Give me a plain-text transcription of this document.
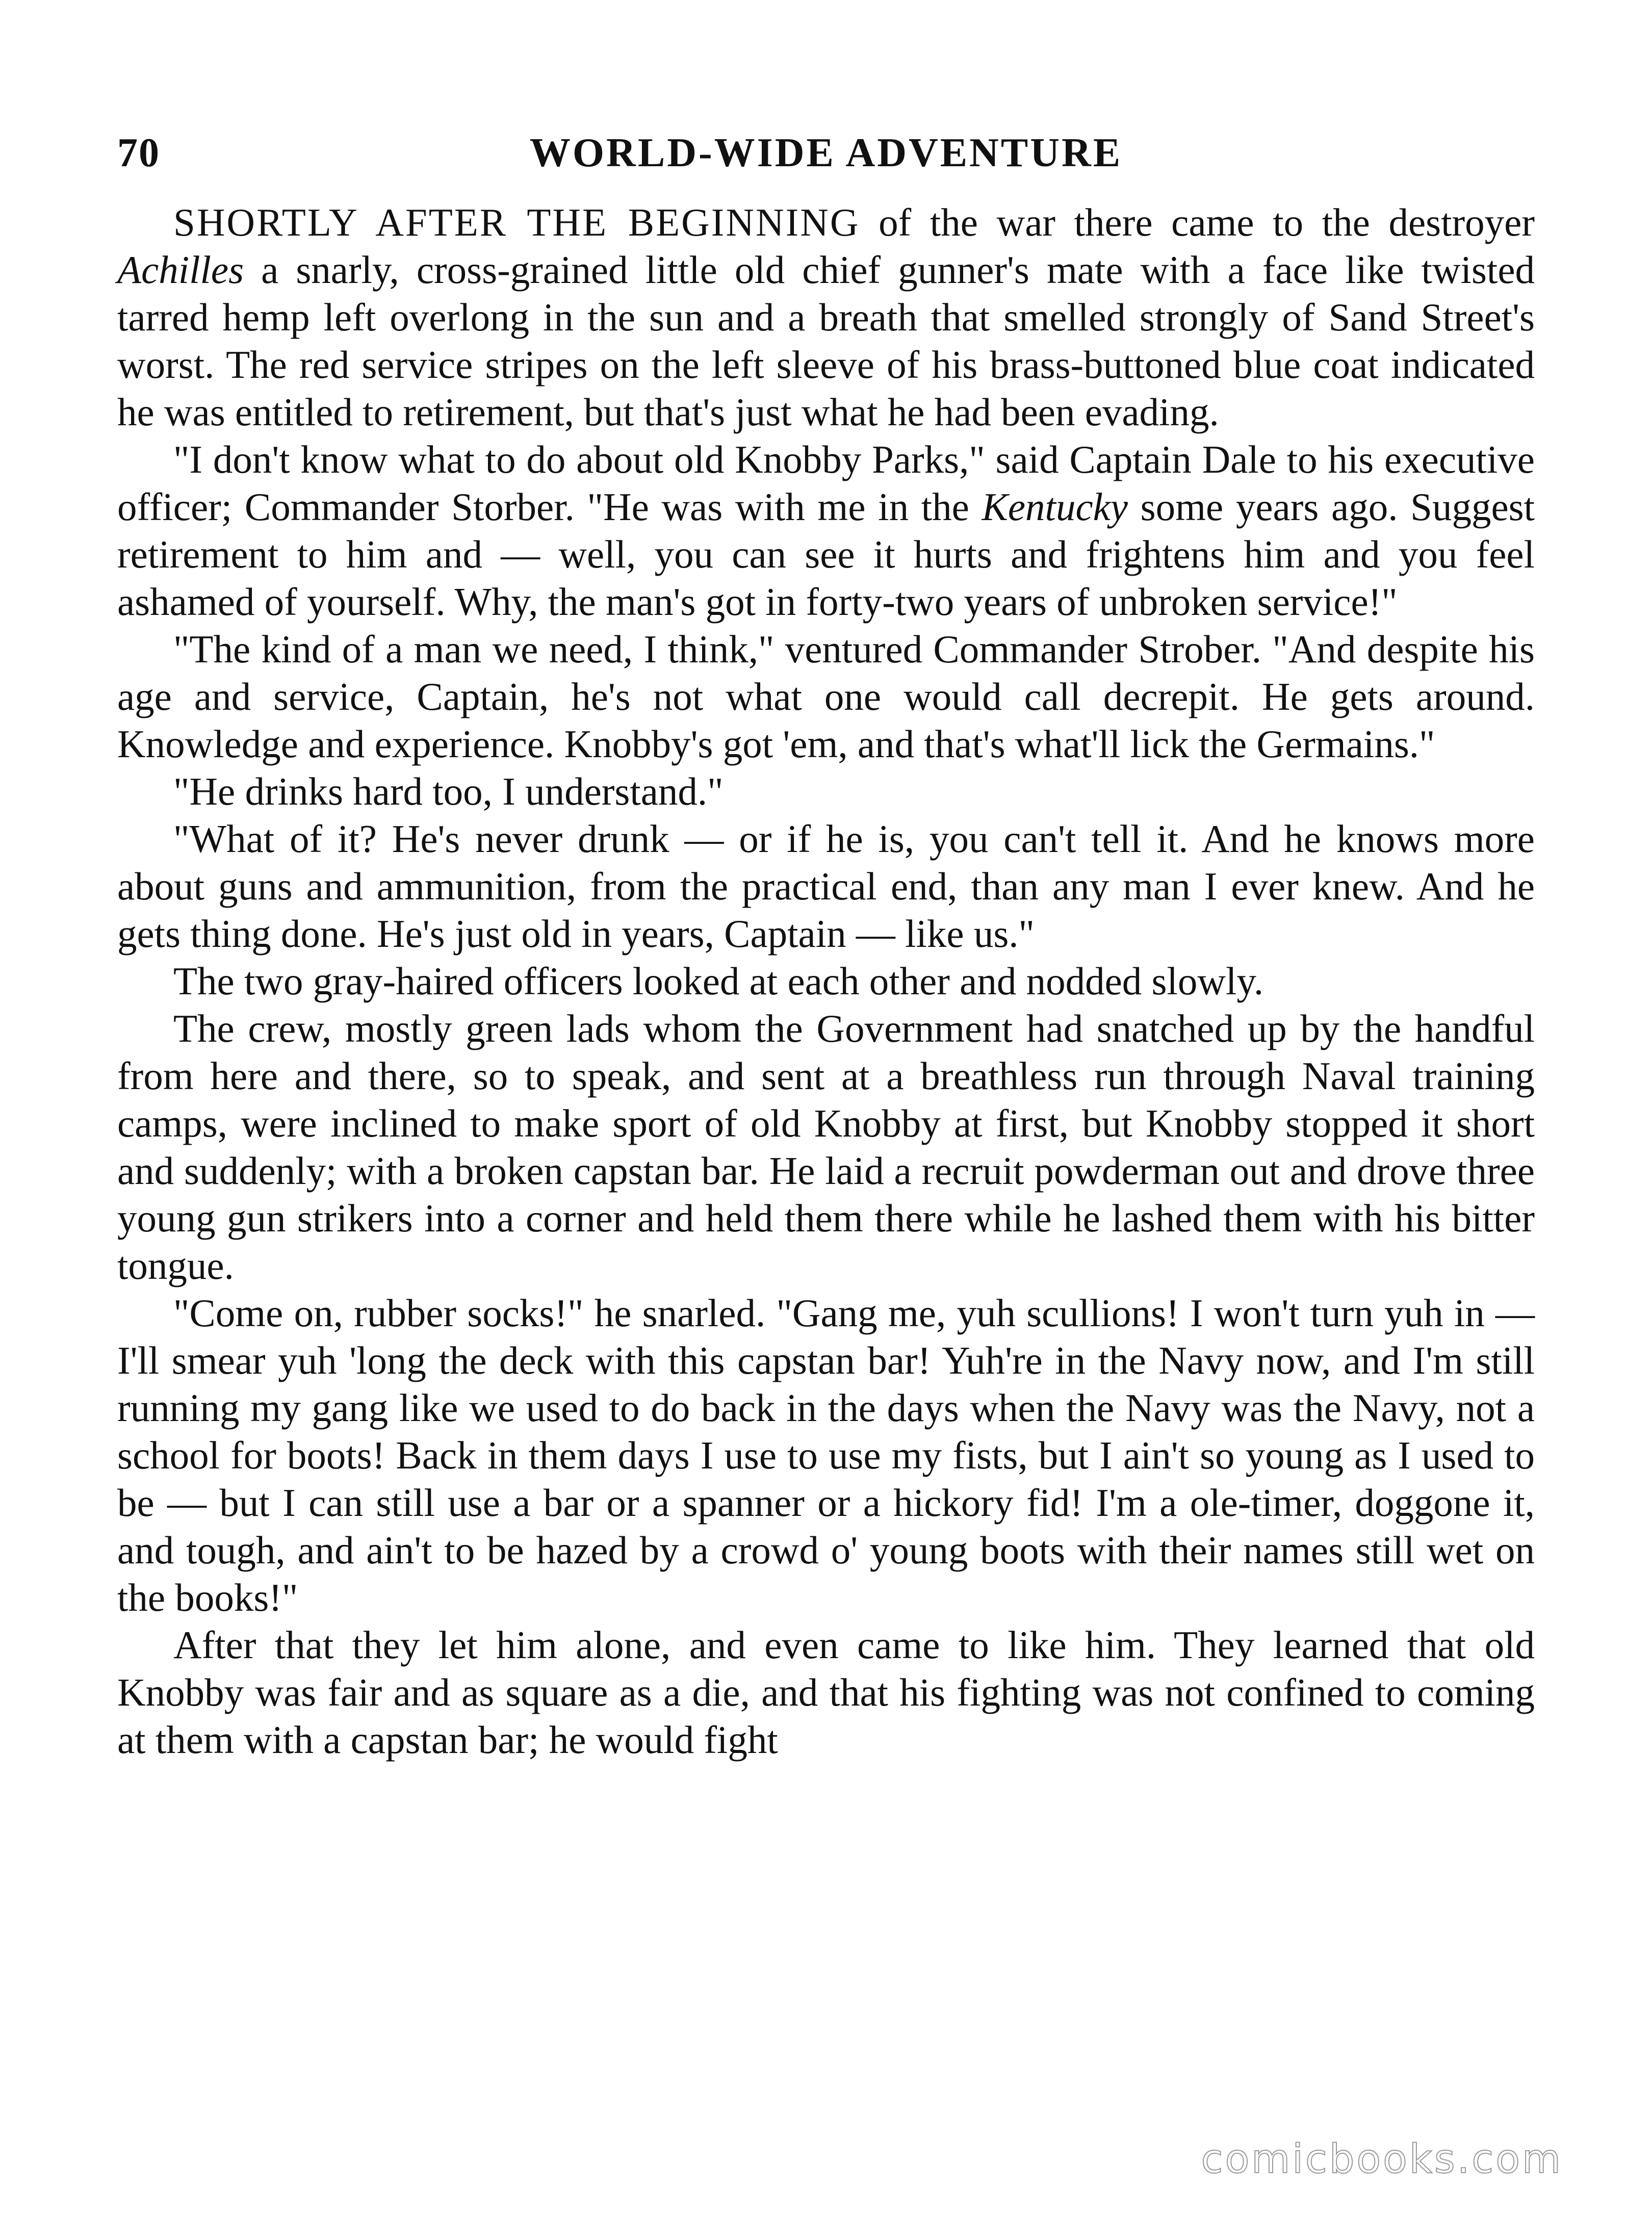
70	WORLD-WIDE ADVENTURE

SHORTLY AFTER THE BEGINNING of the war there came to the destroyer Achilles a snarly, cross-grained little old chief gunner's mate with a face like twisted tarred hemp left overlong in the sun and a breath that smelled strongly of Sand Street's worst. The red service stripes on the left sleeve of his brass-buttoned blue coat indicated he was entitled to retirement, but that's just what he had been evading.

"I don't know what to do about old Knobby Parks," said Captain Dale to his executive officer; Commander Storber. "He was with me in the Kentucky some years ago. Suggest retirement to him and — well, you can see it hurts and frightens him and you feel ashamed of yourself. Why, the man's got in forty-two years of unbroken service!"

"The kind of a man we need, I think," ventured Commander Strober. "And despite his age and service, Captain, he's not what one would call decrepit. He gets around. Knowledge and experience. Knobby's got 'em, and that's what'll lick the Germains."

"He drinks hard too, I understand."

"What of it? He's never drunk — or if he is, you can't tell it. And he knows more about guns and ammunition, from the practical end, than any man I ever knew. And he gets thing done. He's just old in years, Captain — like us."

The two gray-haired officers looked at each other and nodded slowly.

The crew, mostly green lads whom the Government had snatched up by the handful from here and there, so to speak, and sent at a breathless run through Naval training camps, were inclined to make sport of old Knobby at first, but Knobby stopped it short and suddenly; with a broken capstan bar. He laid a recruit powderman out and drove three young gun strikers into a corner and held them there while he lashed them with his bitter tongue.

"Come on, rubber socks!" he snarled. "Gang me, yuh scullions! I won't turn yuh in — I'll smear yuh 'long the deck with this capstan bar! Yuh're in the Navy now, and I'm still running my gang like we used to do back in the days when the Navy was the Navy, not a school for boots! Back in them days I use to use my fists, but I ain't so young as I used to be — but I can still use a bar or a spanner or a hickory fid! I'm a ole-timer, doggone it, and tough, and ain't to be hazed by a crowd o' young boots with their names still wet on the books!"

After that they let him alone, and even came to like him. They learned that old Knobby was fair and as square as a die, and that his fighting was not confined to coming at them with a capstan bar; he would fight

comicbooks.com
